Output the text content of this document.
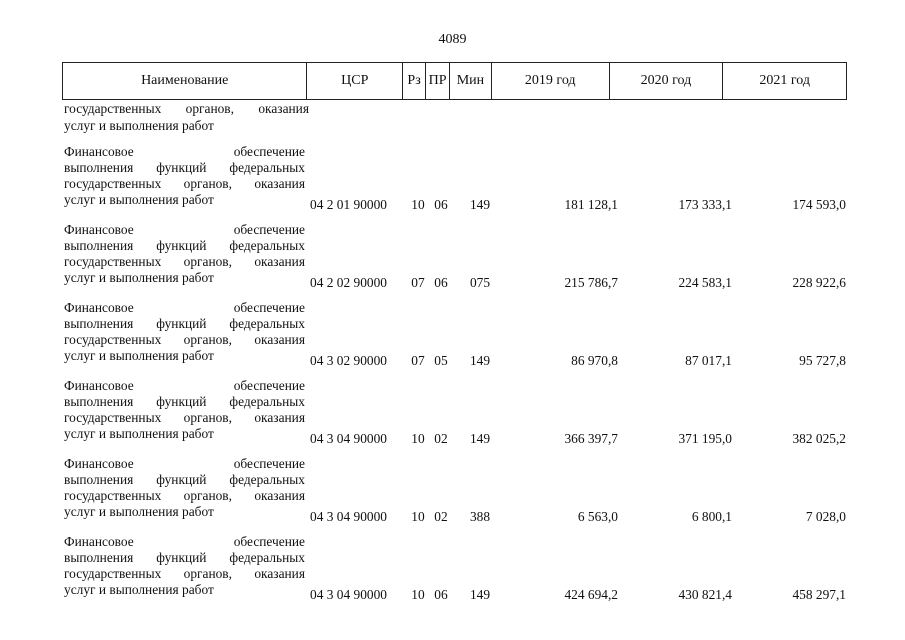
4089
Наименование	ЦСР	Рз ПР Мин	2019 год	2020 год	2021 год
государственных органов, оказания
услуг и выполнения работ
Финансовое обеспечение
выполнения функций федеральных
государственных органов, оказания
услуг и выполнения работ	04 2 01 90000	10 06	149	181 128,1	173 333,1	174 593,0
Финансовое обеспечение
выполнения функций федеральных
государственных органов, оказания
услуг и выполнения работ	04 2 02 90000	07 06	075	215 786,7	224 583,1	228 922,6
Финансовое обеспечение
выполнения функций федеральных
государственных органов, оказания
услуг и выполнения работ	04 3 02 90000	07 05	149	86 970,8	87 017,1	95 727,8
Финансовое обеспечение
выполнения функций федеральных
государственных органов, оказания
услуг и выполнения работ	04 3 04 90000	10 02	149	366 397,7	371 195,0	382 025,2
Финансовое обеспечение
выполнения функций федеральных
государственных органов, оказания
услуг и выполнения работ	04 3 04 90000	10 02	388	6 563,0	6 800,1	7 028,0
Финансовое обеспечение
выполнения функций федеральных
государственных органов, оказания
услуг и выполнения работ	04 3 04 90000	10 06	149	424 694,2	430 821,4	458 297,1
